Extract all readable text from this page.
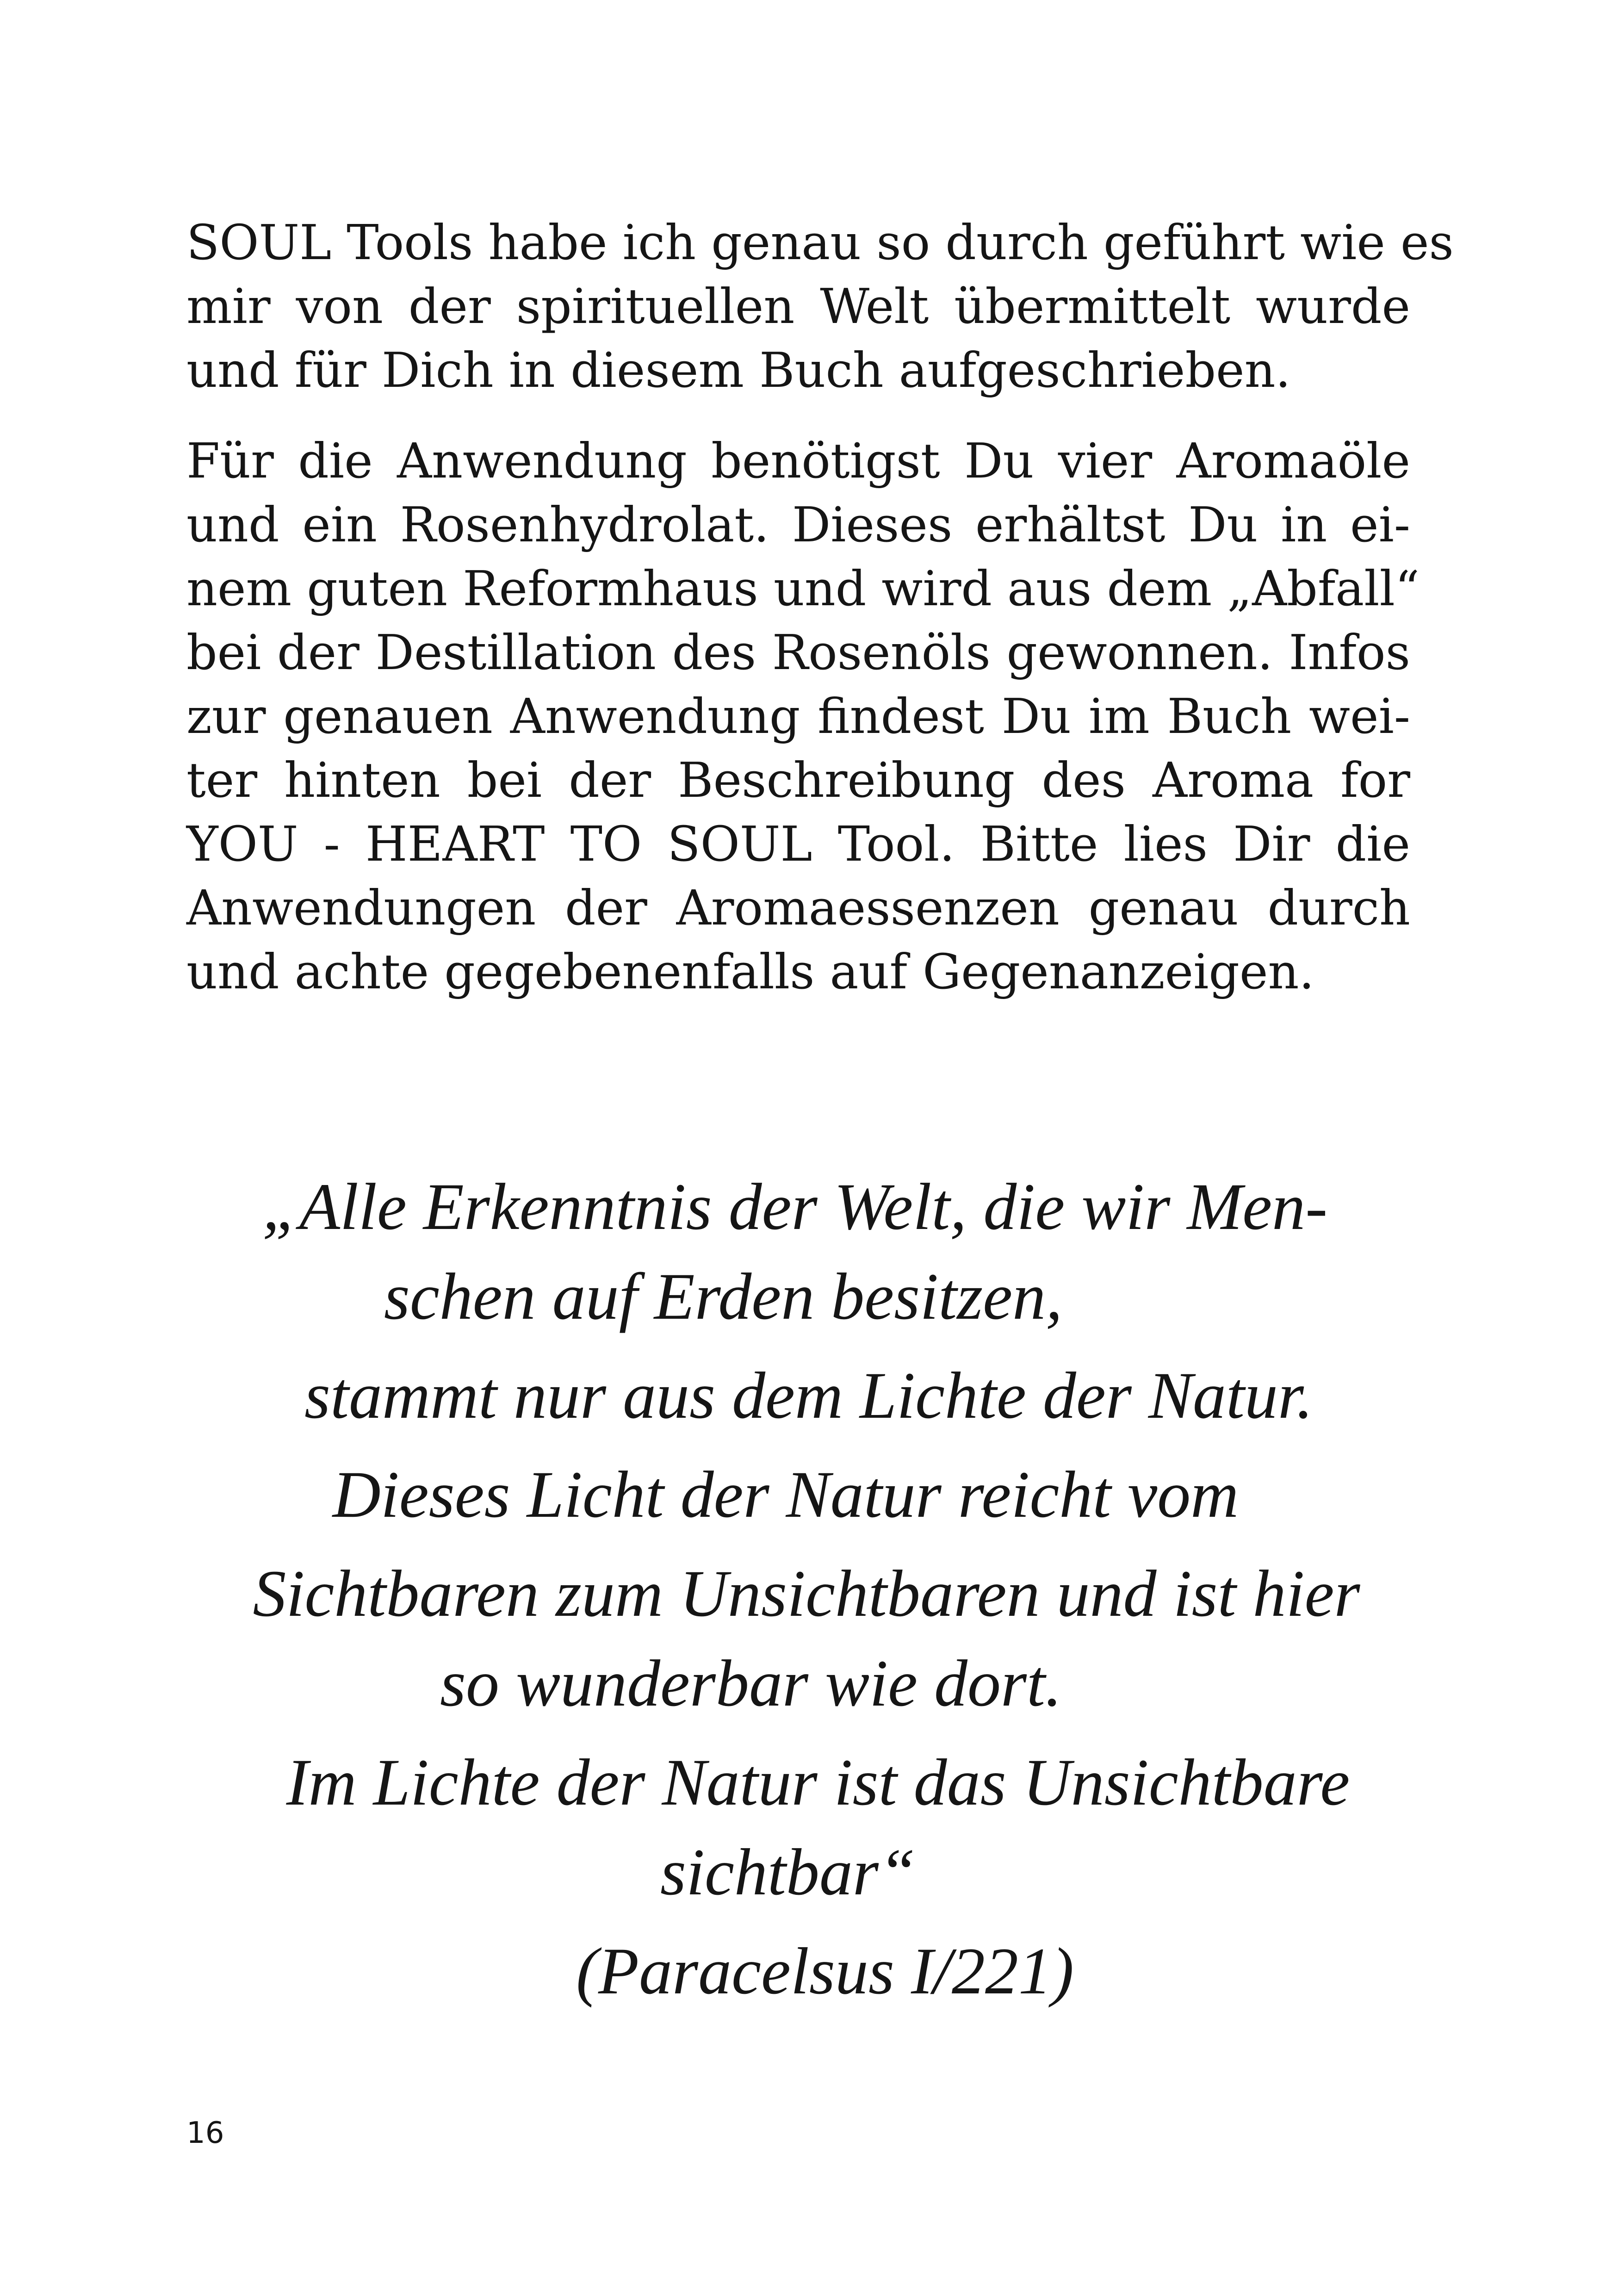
SOUL Tools habe ich genau so durch geführt wie es
mir von der spirituellen Welt übermittelt wurde
und für Dich in diesem Buch aufgeschrieben.
Für die Anwendung benötigst Du vier Aromaöle
und ein Rosenhydrolat. Dieses erhältst Du in ei-
nem guten Reformhaus und wird aus dem „Abfall“
bei der Destillation des Rosenöls gewonnen. Infos
zur genauen Anwendung findest Du im Buch wei-
ter hinten bei der Beschreibung des Aroma for
YOU - HEART TO SOUL Tool. Bitte lies Dir die
Anwendungen der Aromaessenzen genau durch
und achte gegebenenfalls auf Gegenanzeigen.
„Alle Erkenntnis der Welt, die wir Men-
schen auf Erden besitzen,
stammt nur aus dem Lichte der Natur.
Dieses Licht der Natur reicht vom
Sichtbaren zum Unsichtbaren und ist hier
so wunderbar wie dort.
Im Lichte der Natur ist das Unsichtbare
sichtbar“
(Paracelsus I/221)
16
